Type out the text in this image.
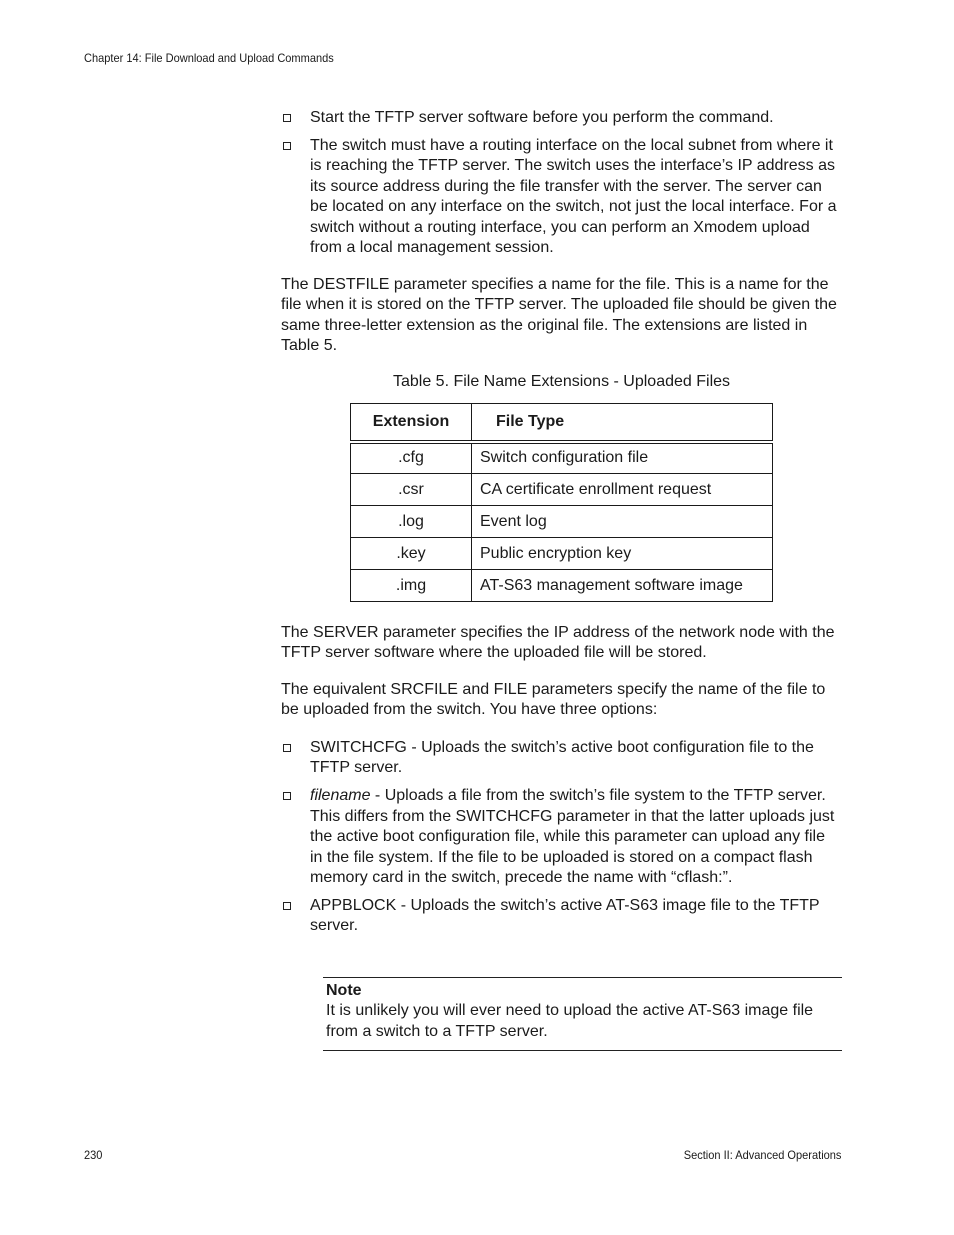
Chapter 14: File Download and Upload Commands
Start the TFTP server software before you perform the command.
The switch must have a routing interface on the local subnet from where it is reaching the TFTP server. The switch uses the interface’s IP address as its source address during the file transfer with the server. The server can be located on any interface on the switch, not just the local interface. For a switch without a routing interface, you can perform an Xmodem upload from a local management session.

The DESTFILE parameter specifies a name for the file. This is a name for the file when it is stored on the TFTP server. The uploaded file should be given the same three-letter extension as the original file. The extensions are listed in Table 5.

Table 5. File Name Extensions - Uploaded Files
Extension	File Type
.cfg	Switch configuration file
.csr	CA certificate enrollment request
.log	Event log
.key	Public encryption key
.img	AT-S63 management software image

The SERVER parameter specifies the IP address of the network node with the TFTP server software where the uploaded file will be stored.

The equivalent SRCFILE and FILE parameters specify the name of the file to be uploaded from the switch. You have three options:

SWITCHCFG - Uploads the switch’s active boot configuration file to the TFTP server.
filename - Uploads a file from the switch’s file system to the TFTP server. This differs from the SWITCHCFG parameter in that the latter uploads just the active boot configuration file, while this parameter can upload any file in the file system. If the file to be uploaded is stored on a compact flash memory card in the switch, precede the name with “cflash:”.
APPBLOCK - Uploads the switch’s active AT-S63 image file to the TFTP server.
Note
It is unlikely you will ever need to upload the active AT-S63 image file from a switch to a TFTP server.
230	Section II: Advanced Operations
